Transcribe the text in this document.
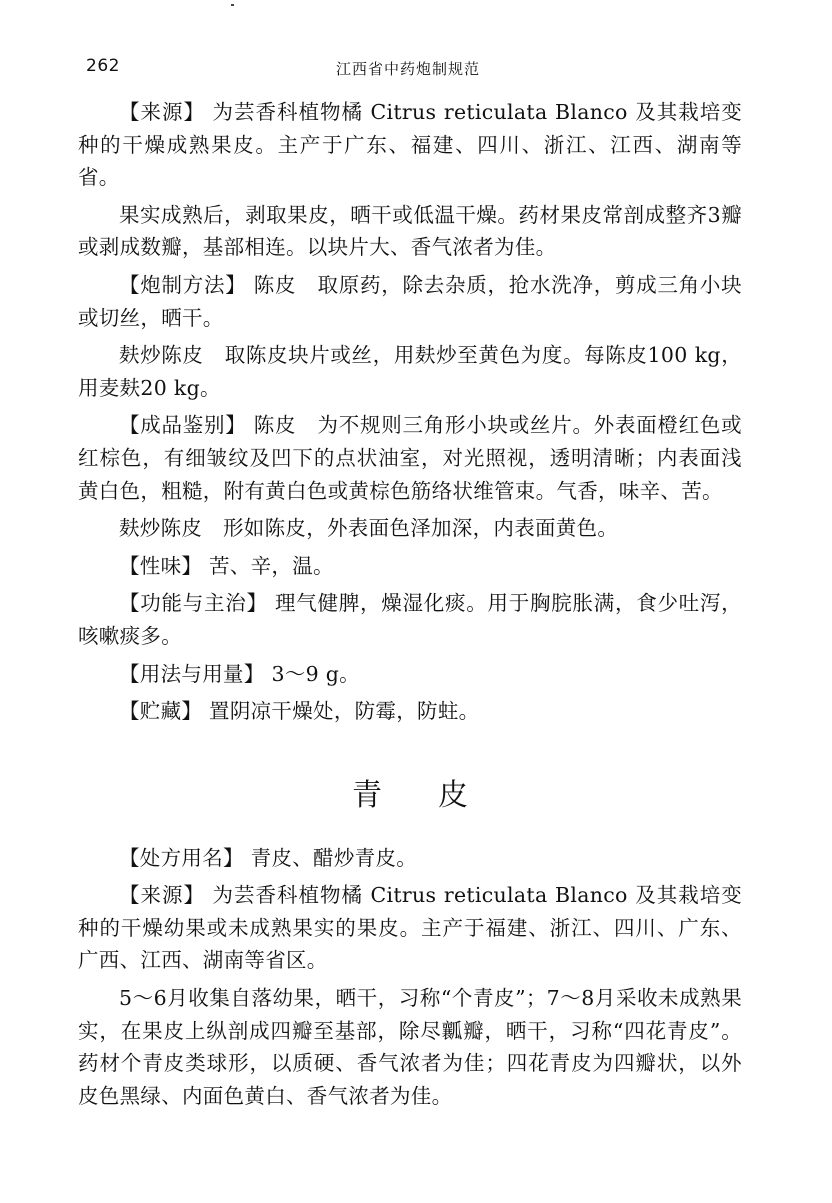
262	江西省中药炮制规范

【来源】 为芸香科植物橘 Citrus reticulata Blanco 及其栽培变种的干燥成熟果皮。主产于广东、福建、四川、浙江、江西、湖南等省。

果实成熟后，剥取果皮，晒干或低温干燥。药材果皮常剖成整齐3瓣或剥成数瓣，基部相连。以块片大、香气浓者为佳。

【炮制方法】 陈皮　取原药，除去杂质，抢水洗净，剪成三角小块或切丝，晒干。

麸炒陈皮　取陈皮块片或丝，用麸炒至黄色为度。每陈皮100 kg，用麦麸20 kg。

【成品鉴别】 陈皮　为不规则三角形小块或丝片。外表面橙红色或红棕色，有细皱纹及凹下的点状油室，对光照视，透明清晰；内表面浅黄白色，粗糙，附有黄白色或黄棕色筋络状维管束。气香，味辛、苦。

麸炒陈皮　形如陈皮，外表面色泽加深，内表面黄色。

【性味】 苦、辛，温。

【功能与主治】 理气健脾，燥湿化痰。用于胸脘胀满，食少吐泻，咳嗽痰多。

【用法与用量】 3～9 g。

【贮藏】 置阴凉干燥处，防霉，防蛀。

青皮

【处方用名】 青皮、醋炒青皮。

【来源】 为芸香科植物橘 Citrus reticulata Blanco 及其栽培变种的干燥幼果或未成熟果实的果皮。主产于福建、浙江、四川、广东、广西、江西、湖南等省区。

5～6月收集自落幼果，晒干，习称“个青皮”；7～8月采收未成熟果实，在果皮上纵剖成四瓣至基部，除尽瓤瓣，晒干，习称“四花青皮”。药材个青皮类球形，以质硬、香气浓者为佳；四花青皮为四瓣状，以外皮色黑绿、内面色黄白、香气浓者为佳。
